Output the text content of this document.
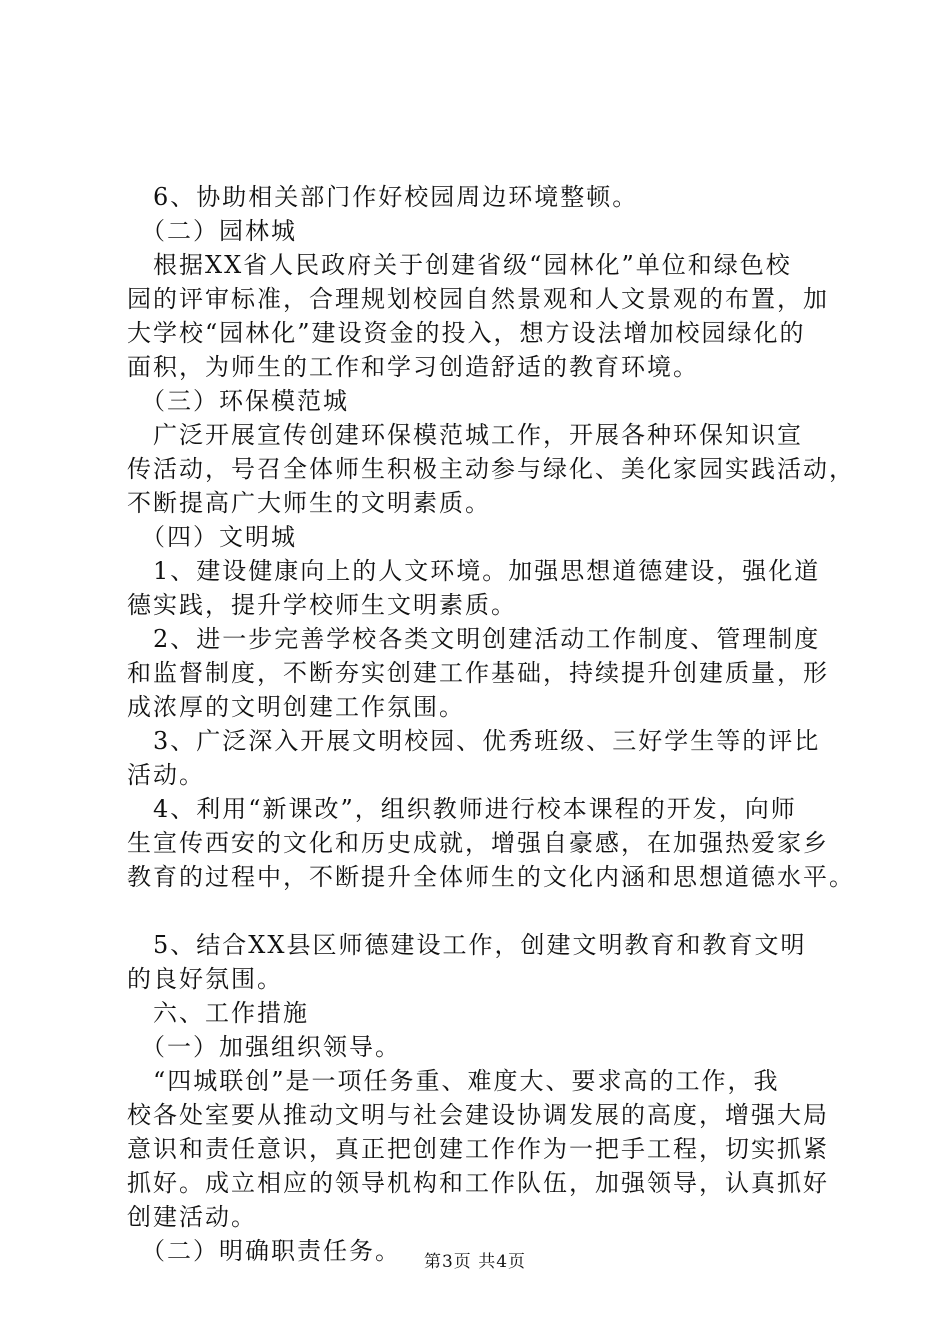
　6、协助相关部门作好校园周边环境整顿。
　（二）园林城
　根据XX省人民政府关于创建省级“园林化”单位和绿色校
园的评审标准，合理规划校园自然景观和人文景观的布置，加
大学校“园林化”建设资金的投入，想方设法增加校园绿化的
面积，为师生的工作和学习创造舒适的教育环境。
　（三）环保模范城
　广泛开展宣传创建环保模范城工作，开展各种环保知识宣
传活动，号召全体师生积极主动参与绿化、美化家园实践活动，
不断提高广大师生的文明素质。
　（四）文明城
　1、建设健康向上的人文环境。加强思想道德建设，强化道
德实践，提升学校师生文明素质。
　2、进一步完善学校各类文明创建活动工作制度、管理制度
和监督制度，不断夯实创建工作基础，持续提升创建质量，形
成浓厚的文明创建工作氛围。
　3、广泛深入开展文明校园、优秀班级、三好学生等的评比
活动。
　4、利用“新课改”，组织教师进行校本课程的开发，向师
生宣传西安的文化和历史成就，增强自豪感，在加强热爱家乡
教育的过程中，不断提升全体师生的文化内涵和思想道德水平。
　5、结合XX县区师德建设工作，创建文明教育和教育文明
的良好氛围。
　六、工作措施
　（一）加强组织领导。
　“四城联创”是一项任务重、难度大、要求高的工作，我
校各处室要从推动文明与社会建设协调发展的高度，增强大局
意识和责任意识，真正把创建工作作为一把手工程，切实抓紧
抓好。成立相应的领导机构和工作队伍，加强领导，认真抓好
创建活动。
　（二）明确职责任务。	第3页 共4页
